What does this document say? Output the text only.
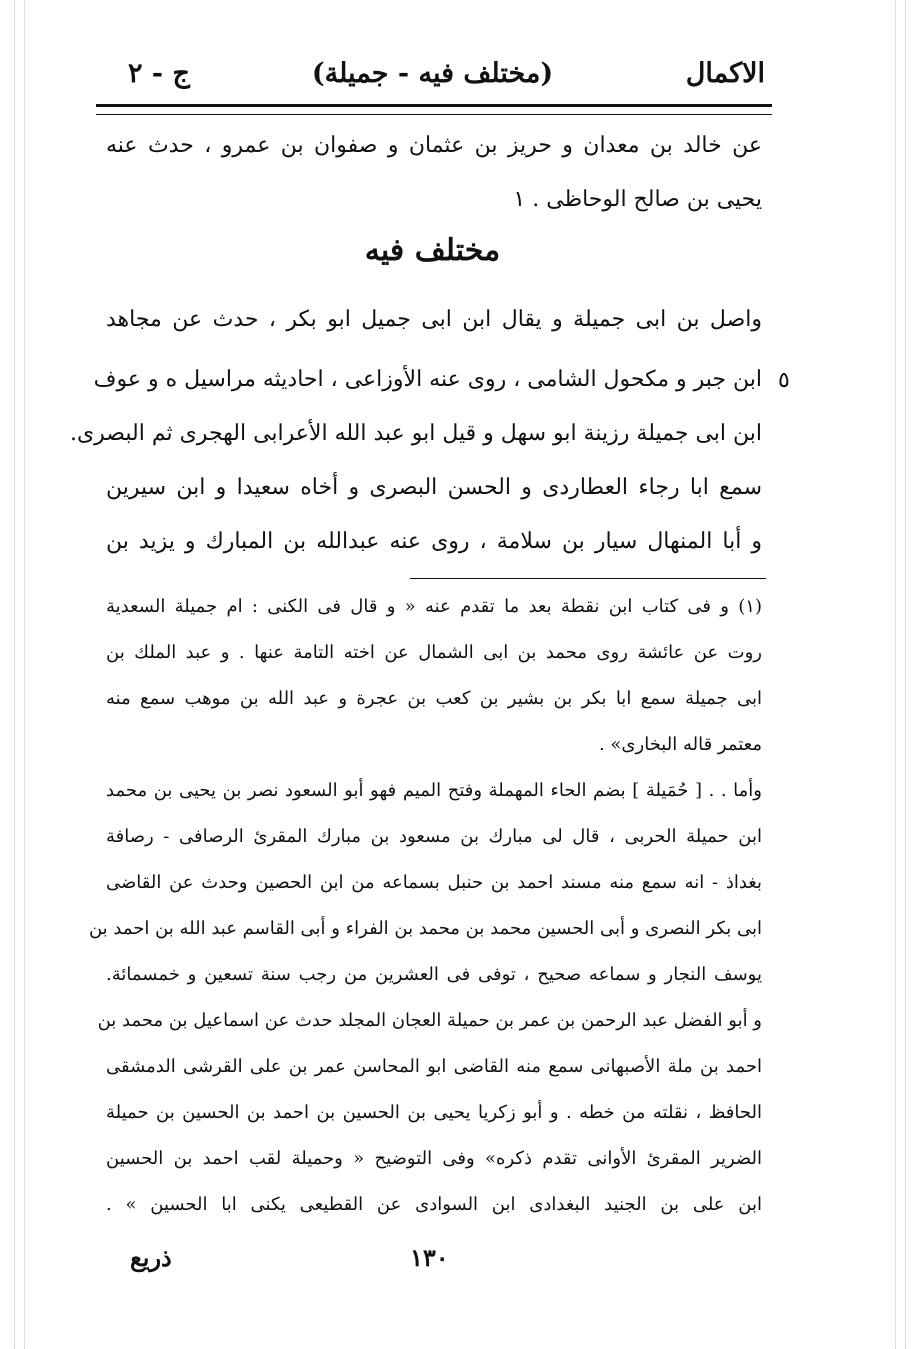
ج - ٢	(مختلف فيه - جميلة)	الاكمال
عن خالد بن معدان و حريز بن عثمان و صفوان بن عمرو ، حدث عنه
يحيى بن صالح الوحاظى . ١
مختلف فيه
واصل بن ابى جميلة و يقال ابن ابى جميل ابو بكر ، حدث عن مجاهد
٥
ابن جبر و مكحول الشامى ، روى عنه الأوزاعى ، احاديثه مراسيل ه و عوف
ابن ابى جميلة رزينة ابو سهل و قيل ابو عبد الله الأعرابى الهجرى ثم البصرى.
سمع ابا رجاء العطاردى و الحسن البصرى و أخاه سعيدا و ابن سيرين
و أبا المنهال سيار بن سلامة ، روى عنه عبدالله بن المبارك و يزيد بن
(١) و فى كتاب ابن نقطة بعد ما تقدم عنه « و قال فى الكنى : ام جميلة السعدية
روت عن عائشة روى محمد بن ابى الشمال عن اخته التامة عنها . و عبد الملك بن
ابى جميلة سمع ابا بكر بن بشير بن كعب بن عجرة و عبد الله بن موهب سمع منه
معتمر قاله البخارى» .
وأما . . [ حُمَيلة ] بضم الحاء المهملة وفتح الميم فهو أبو السعود نصر بن يحيى بن محمد
ابن حميلة الحربى ، قال لى مبارك بن مسعود بن مبارك المقرئ الرصافى - رصافة
بغداذ - انه سمع منه مسند احمد بن حنبل بسماعه من ابن الحصين وحدث عن القاضى
ابى بكر النصرى و أبى الحسين محمد بن محمد بن الفراء و أبى القاسم عبد الله بن احمد بن
يوسف النجار و سماعه صحيح ، توفى فى العشرين من رجب سنة تسعين و خمسمائة.
و أبو الفضل عبد الرحمن بن عمر بن حميلة العجان المجلد حدث عن اسماعيل بن محمد بن
احمد بن ملة الأصبهانى سمع منه القاضى ابو المحاسن عمر بن على القرشى الدمشقى
الحافظ ، نقلته من خطه . و أبو زكريا يحيى بن الحسين بن احمد بن الحسين بن حميلة
الضرير المقرئ الأوانى تقدم ذكره» وفى التوضيح « وحميلة لقب احمد بن الحسين
ابن على بن الجنيد البغدادى ابن السوادى عن القطيعى يكنى ابا الحسين » .
١٣٠
ذريع
